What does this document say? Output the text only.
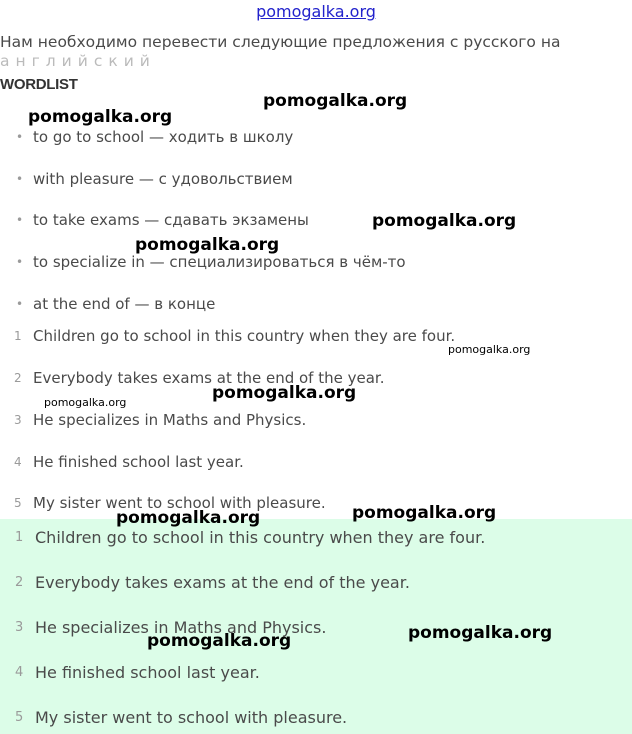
pomogalka.org
Нам необходимо перевести следующие предложения с русского на
английский
WORDLIST
• to go to school — ходить в школу
• with pleasure — с удовольствием
• to take exams — сдавать экзамены
• to specialize in — специализироваться в чём-то
• at the end of — в конце
1 Children go to school in this country when they are four.
2 Everybody takes exams at the end of the year.
3 He specializes in Maths and Physics.
4 He finished school last year.
5 My sister went to school with pleasure.
1 Children go to school in this country when they are four.
2 Everybody takes exams at the end of the year.
3 He specializes in Maths and Physics.
4 He finished school last year.
5 My sister went to school with pleasure.
pomogalka.org
pomogalka.org
pomogalka.org
pomogalka.org
pomogalka.org
pomogalka.org
pomogalka.org
pomogalka.org
pomogalka.org
pomogalka.org
pomogalka.org
